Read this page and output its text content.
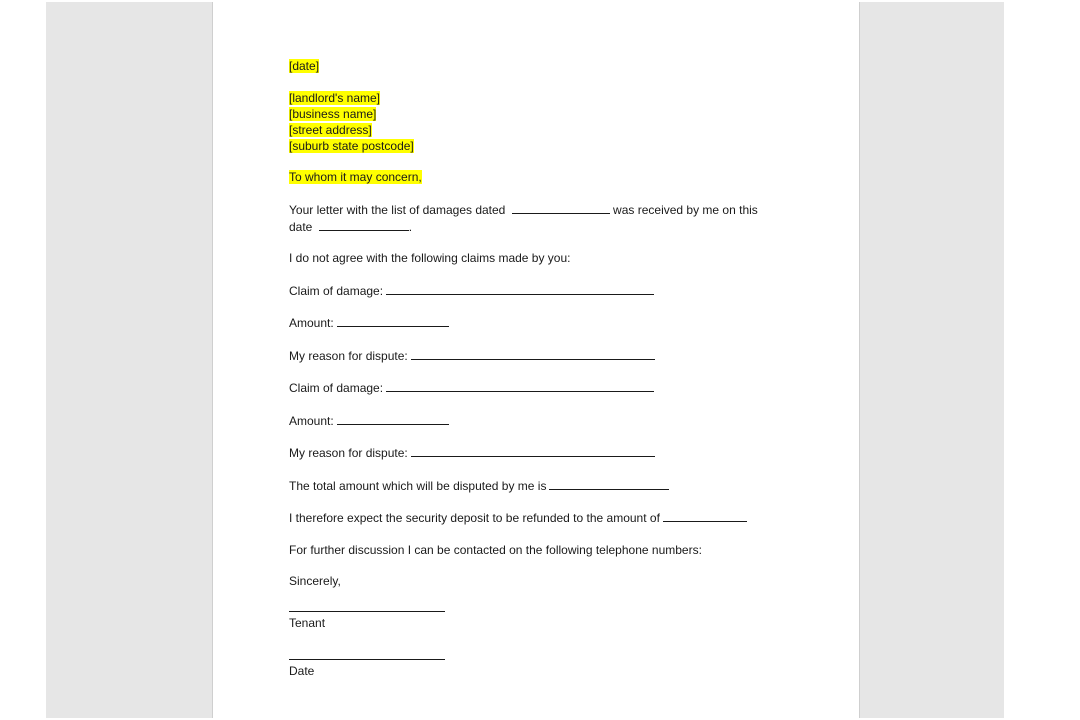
[date]

[landlord's name]
[business name]
[street address]
[suburb state postcode]

To whom it may concern,

Your letter with the list of damages dated	was received by me on this
date	.

I do not agree with the following claims made by you:

Claim of damage:

Amount:

My reason for dispute:

Claim of damage:

Amount:

My reason for dispute:

The total amount which will be disputed by me is

I therefore expect the security deposit to be refunded to the amount of

For further discussion I can be contacted on the following telephone numbers:

Sincerely,

Tenant
Date
